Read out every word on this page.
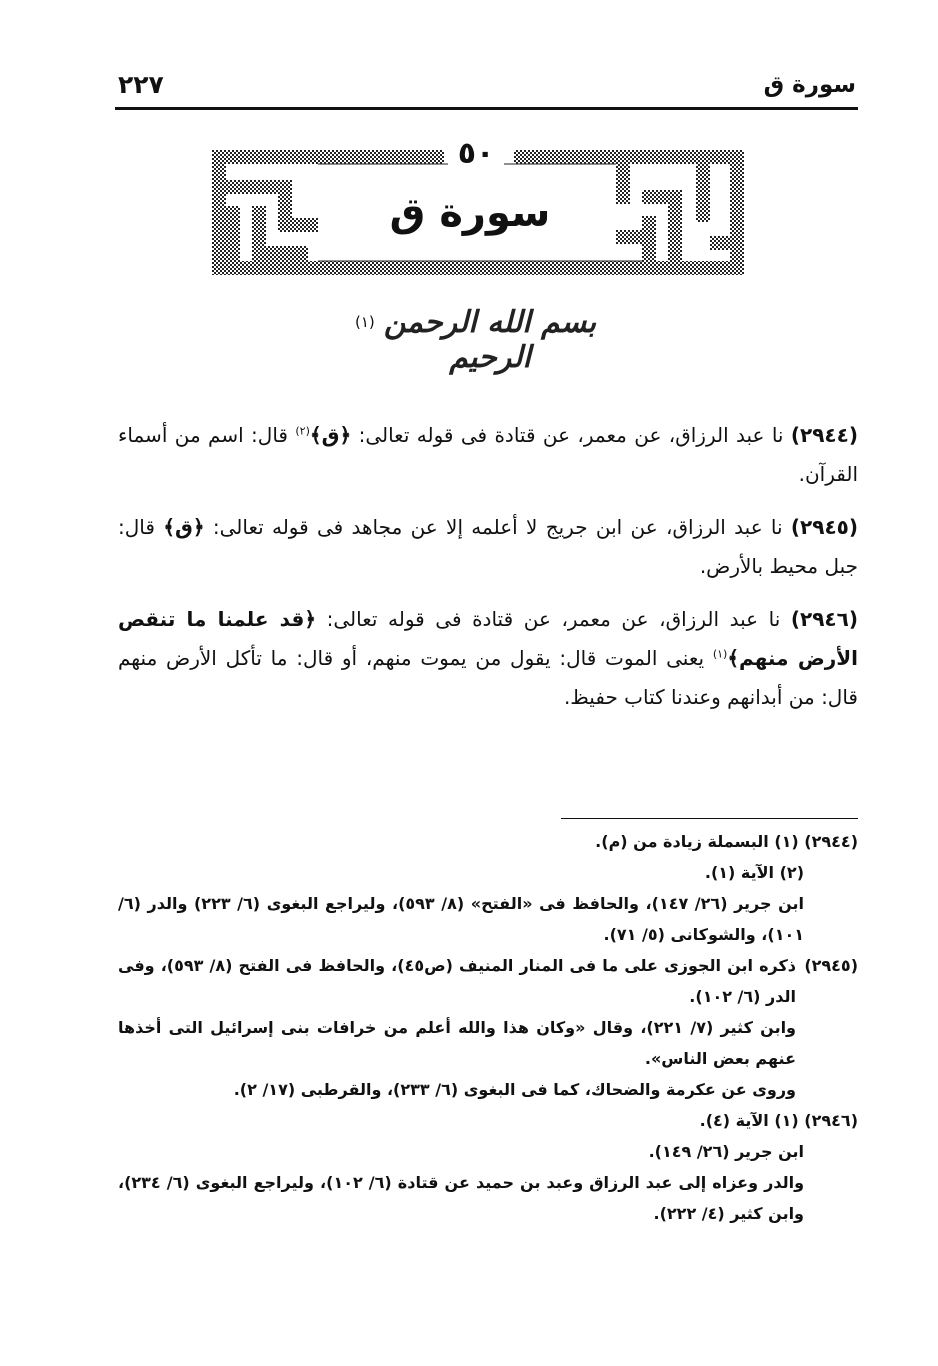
سورة ق
٢٢٧
٥٠
سورة ق
بسم الله الرحمن الرحيم
(١)

(٢٩٤٤) نا عبد الرزاق، عن معمر، عن قتادة فى قوله تعالى: ﴿ق﴾$^{(٢)}$ قال: اسم من أسماء القرآن.

(٢٩٤٥) نا عبد الرزاق، عن ابن جريج لا أعلمه إلا عن مجاهد فى قوله تعالى: ﴿ق﴾ قال: جبل محيط بالأرض.

(٢٩٤٦) نا عبد الرزاق، عن معمر، عن قتادة فى قوله تعالى: ﴿قد علمنا ما تنقص الأرض منهم﴾$^{(١)}$ يعنى الموت قال: يقول من يموت منهم، أو قال: ما تأكل الأرض منهم قال: من أبدانهم وعندنا كتاب حفيظ.

(٢٩٤٤) (١) البسملة زيادة من (م).

(٢) الآية (١).

ابن جرير (٢٦/ ١٤٧)، والحافظ فى «الفتح» (٨/ ٥٩٣)، وليراجع البغوى (٦/ ٢٢٣) والدر (٦/ ١٠١)، والشوكانى (٥/ ٧١).

(٢٩٤٥)

ذكره ابن الجوزى على ما فى المنار المنيف (ص٤٥)، والحافظ فى الفتح (٨/ ٥٩٣)، وفى الدر (٦/ ١٠٢).

وابن كثير (٧/ ٢٢١)، وقال «وكان هذا والله أعلم من خرافات بنى إسرائيل التى أخذها عنهم بعض الناس».

وروى عن عكرمة والضحاك، كما فى البغوى (٦/ ٢٣٣)، والقرطبى (١٧/ ٢).

(٢٩٤٦) (١) الآية (٤).

ابن جرير (٢٦/ ١٤٩).

والدر وعزاه إلى عبد الرزاق وعبد بن حميد عن قتادة (٦/ ١٠٢)، وليراجع البغوى (٦/ ٢٣٤)، وابن كثير (٤/ ٢٢٢).
